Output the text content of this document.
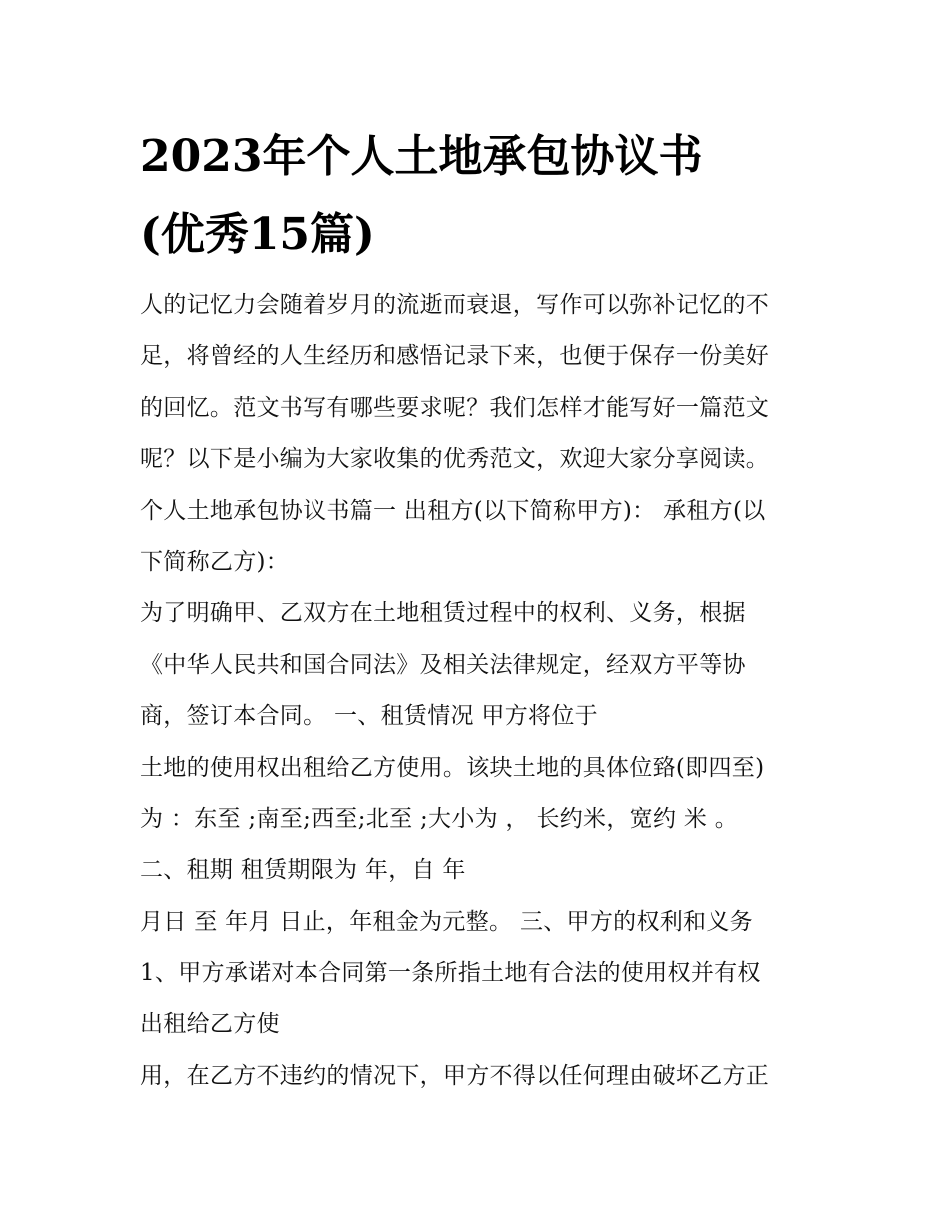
2023年个人土地承包协议书
(优秀15篇)

人的记忆力会随着岁月的流逝而衰退，写作可以弥补记忆的不

足，将曾经的人生经历和感悟记录下来，也便于保存一份美好

的回忆。范文书写有哪些要求呢？我们怎样才能写好一篇范文

呢？以下是小编为大家收集的优秀范文，欢迎大家分享阅读。

个人土地承包协议书篇一 出租方(以下简称甲方)： 承租方(以

下简称乙方)：

为了明确甲、乙双方在土地租赁过程中的权利、义务，根据

《中华人民共和国合同法》及相关法律规定，经双方平等协

商，签订本合同。 一、租赁情况 甲方将位于

土地的使用权出租给乙方使用。该块土地的具体位臵(即四至)

为 ：东至 ;南至;西至;北至 ;大小为 ， 长约米，宽约 米 。

二、租期 租赁期限为 年，自 年

月日 至 年月 日止，年租金为元整。 三、甲方的权利和义务

1、甲方承诺对本合同第一条所指土地有合法的使用权并有权

出租给乙方使

用，在乙方不违约的情况下，甲方不得以任何理由破坏乙方正
